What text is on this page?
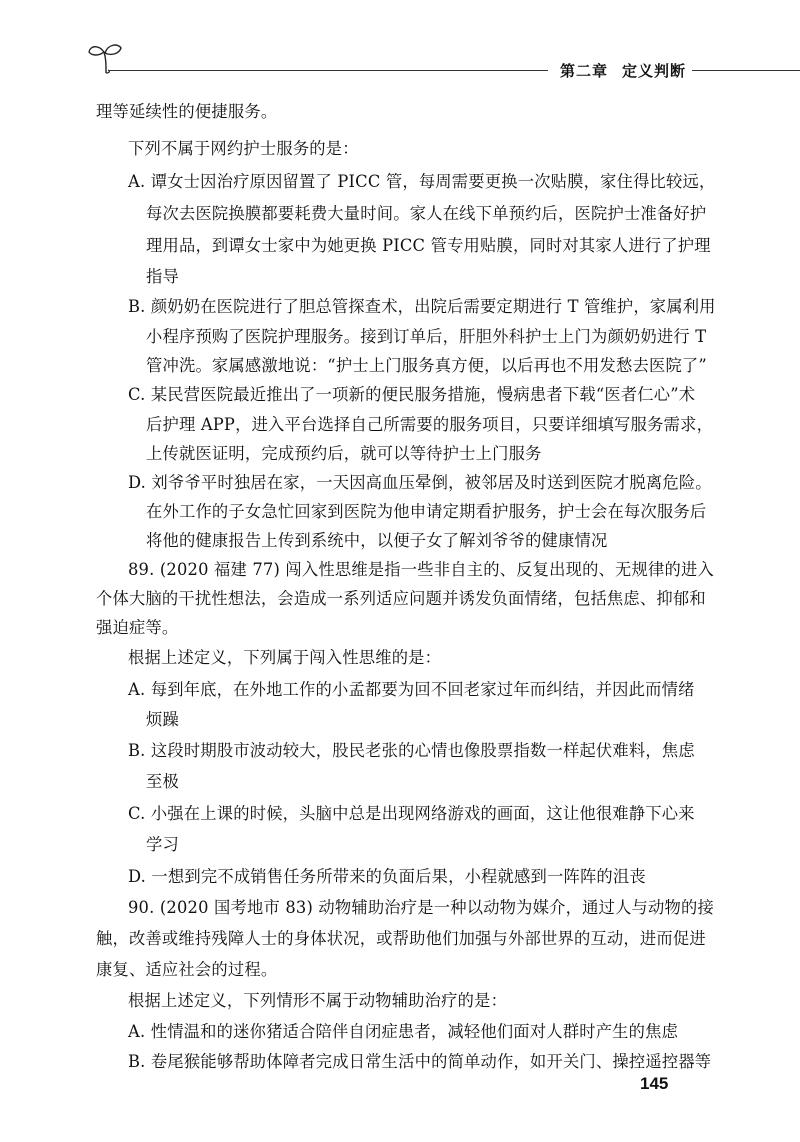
第二章 定义判断
理等延续性的便捷服务。
下列不属于网约护士服务的是：
A. 谭女士因治疗原因留置了 PICC 管，每周需要更换一次贴膜，家住得比较远，
每次去医院换膜都要耗费大量时间。家人在线下单预约后，医院护士准备好护
理用品，到谭女士家中为她更换 PICC 管专用贴膜，同时对其家人进行了护理
指导
B. 颜奶奶在医院进行了胆总管探查术，出院后需要定期进行 T 管维护，家属利用
小程序预购了医院护理服务。接到订单后，肝胆外科护士上门为颜奶奶进行 T
管冲洗。家属感激地说：“护士上门服务真方便，以后再也不用发愁去医院了”
C. 某民营医院最近推出了一项新的便民服务措施，慢病患者下载“医者仁心”术
后护理 APP，进入平台选择自己所需要的服务项目，只要详细填写服务需求，
上传就医证明，完成预约后，就可以等待护士上门服务
D. 刘爷爷平时独居在家，一天因高血压晕倒，被邻居及时送到医院才脱离危险。
在外工作的子女急忙回家到医院为他申请定期看护服务，护士会在每次服务后
将他的健康报告上传到系统中，以便子女了解刘爷爷的健康情况
89. (2020 福建 77) 闯入性思维是指一些非自主的、反复出现的、无规律的进入
个体大脑的干扰性想法，会造成一系列适应问题并诱发负面情绪，包括焦虑、抑郁和
强迫症等。
根据上述定义，下列属于闯入性思维的是：
A. 每到年底，在外地工作的小孟都要为回不回老家过年而纠结，并因此而情绪
烦躁
B. 这段时期股市波动较大，股民老张的心情也像股票指数一样起伏难料，焦虑
至极
C. 小强在上课的时候，头脑中总是出现网络游戏的画面，这让他很难静下心来
学习
D. 一想到完不成销售任务所带来的负面后果，小程就感到一阵阵的沮丧
90. (2020 国考地市 83) 动物辅助治疗是一种以动物为媒介，通过人与动物的接
触，改善或维持残障人士的身体状况，或帮助他们加强与外部世界的互动，进而促进
康复、适应社会的过程。
根据上述定义，下列情形不属于动物辅助治疗的是：
A. 性情温和的迷你猪适合陪伴自闭症患者，减轻他们面对人群时产生的焦虑
B. 卷尾猴能够帮助体障者完成日常生活中的简单动作，如开关门、操控遥控器等
145
